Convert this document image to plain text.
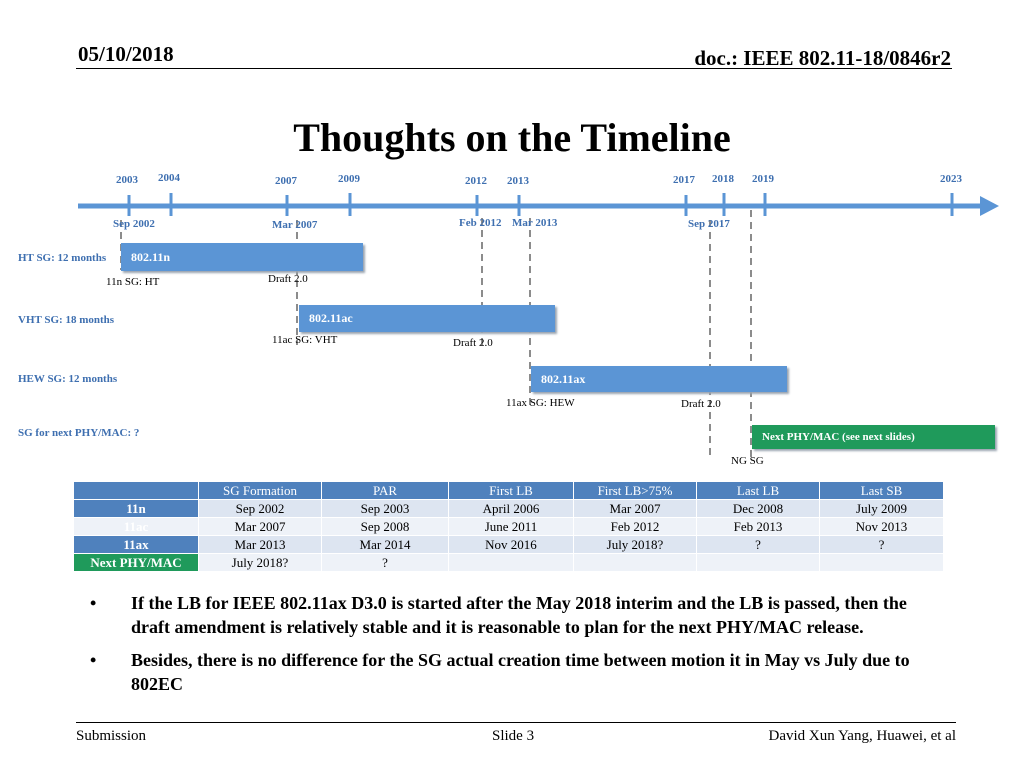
05/10/2018	doc.: IEEE 802.11-18/0846r2
Thoughts on the Timeline
2003 2004	2007	2009	2012 2013	2017 2018 2019	2023
Sep 2002	Mar 2007	Feb 2012 Mar 2013	Sep 2017
HT SG: 12 months 802.11n
11n SG: HT	Draft 2.0
VHT SG: 18 months	802.11ac
11ac SG: VHT	Draft 2.0
HEW SG: 12 months	802.11ax
11ax SG: HEW	Draft 2.0
SG for next PHY/MAC: ?	Next PHY/MAC (see next slides)
NG SG
	SG Formation	PAR	First LB	First LB>75%	Last LB	Last SB
11n	Sep 2002	Sep 2003	April 2006	Mar 2007	Dec 2008	July 2009
11ac	Mar 2007	Sep 2008	June 2011	Feb 2012	Feb 2013	Nov 2013
11ax	Mar 2013	Mar 2014	Nov 2016	July 2018?	?	?
Next PHY/MAC	July 2018?	?				
•	If the LB for IEEE 802.11ax D3.0 is started after the May 2018 interim and the LB is passed, then the draft amendment is relatively stable and it is reasonable to plan for the next PHY/MAC release.
•	Besides, there is no difference for the SG actual creation time between motion it in May vs July due to 802EC
Submission	Slide 3	David Xun Yang, Huawei, et al
